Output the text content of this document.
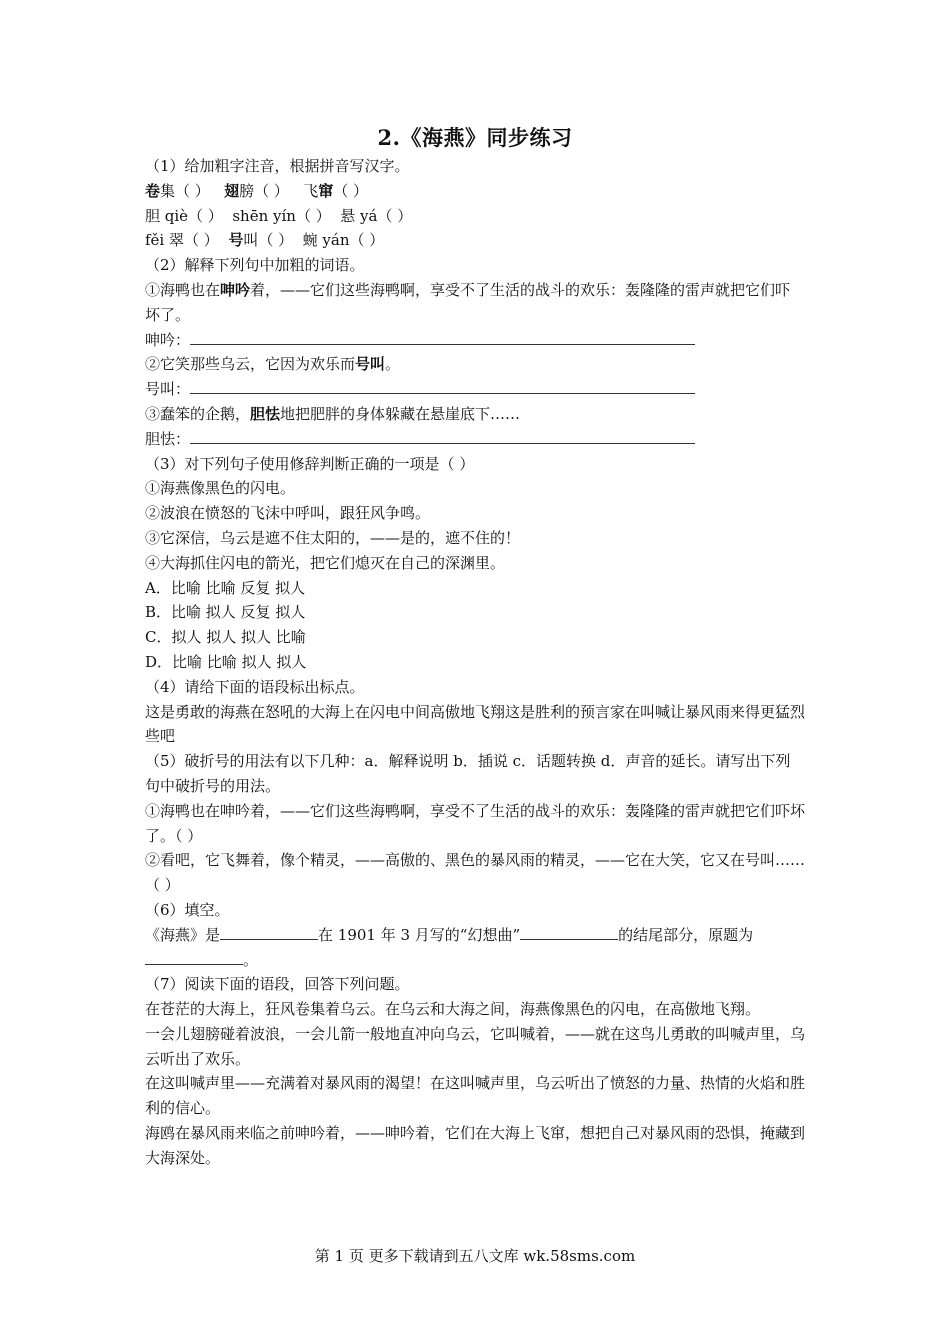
2.《海燕》同步练习
（1）给加粗字注音，根据拼音写汉字。
卷集（ ） 翅膀（ ） 飞窜（ ）
胆 qiè（ ）  shēn yín（ ）  悬 yá（ ）
fěi 翠（ ）  号叫（ ）  蜿 yán（ ）
（2）解释下列句中加粗的词语。
①海鸭也在呻吟着，——它们这些海鸭啊，享受不了生活的战斗的欢乐：轰隆隆的雷声就把它们吓坏了。
呻吟：
②它笑那些乌云，它因为欢乐而号叫。
号叫：
③蠢笨的企鹅，胆怯地把肥胖的身体躲藏在悬崖底下……
胆怯：
（3）对下列句子使用修辞判断正确的一项是（ ）
①海燕像黑色的闪电。
②波浪在愤怒的飞沫中呼叫，跟狂风争鸣。
③它深信，乌云是遮不住太阳的，——是的，遮不住的！
④大海抓住闪电的箭光，把它们熄灭在自己的深渊里。
A．比喻 比喻 反复 拟人
B．比喻 拟人 反复 拟人
C．拟人 拟人 拟人 比喻
D．比喻 比喻 拟人 拟人
（4）请给下面的语段标出标点。
这是勇敢的海燕在怒吼的大海上在闪电中间高傲地飞翔这是胜利的预言家在叫喊让暴风雨来得更猛烈些吧
（5）破折号的用法有以下几种：a．解释说明 b．插说 c．话题转换 d．声音的延长。请写出下列句中破折号的用法。
①海鸭也在呻吟着，——它们这些海鸭啊，享受不了生活的战斗的欢乐：轰隆隆的雷声就把它们吓坏了。（ ）
②看吧，它飞舞着，像个精灵，——高傲的、黑色的暴风雨的精灵，——它在大笑，它又在号叫……（ ）
（6）填空。
《海燕》是	在 1901 年 3 月写的“幻想曲”	的结尾部分，原题为
。
（7）阅读下面的语段，回答下列问题。
在苍茫的大海上，狂风卷集着乌云。在乌云和大海之间，海燕像黑色的闪电，在高傲地飞翔。
一会儿翅膀碰着波浪，一会儿箭一般地直冲向乌云，它叫喊着，——就在这鸟儿勇敢的叫喊声里，乌云听出了欢乐。
在这叫喊声里——充满着对暴风雨的渴望！在这叫喊声里，乌云听出了愤怒的力量、热情的火焰和胜利的信心。
海鸥在暴风雨来临之前呻吟着，——呻吟着，它们在大海上飞窜，想把自己对暴风雨的恐惧，掩藏到大海深处。
第 1 页 更多下载请到五八文库 wk.58sms.com
